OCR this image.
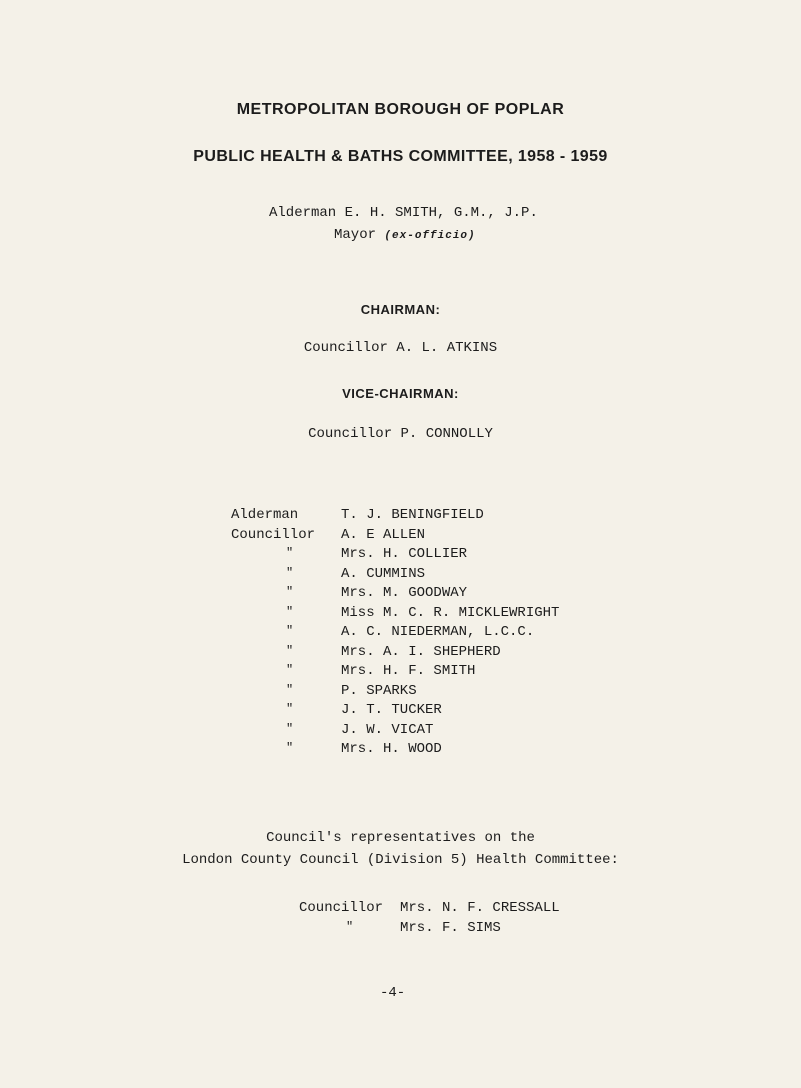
METROPOLITAN BOROUGH OF POPLAR
PUBLIC HEALTH & BATHS COMMITTEE, 1958 - 1959
Alderman E. H. SMITH, G.M., J.P.
Mayor (ex-officio)
CHAIRMAN:
Councillor A. L. ATKINS
VICE-CHAIRMAN:
Councillor P. CONNOLLY
Alderman	T. J. BENINGFIELD
Councillor A. E ALLEN
"	Mrs. H. COLLIER
"	A. CUMMINS
"	Mrs. M. GOODWAY
"	Miss M. C. R. MICKLEWRIGHT
"	A. C. NIEDERMAN, L.C.C.
"	Mrs. A. I. SHEPHERD
"	Mrs. H. F. SMITH
"	P. SPARKS
"	J. T. TUCKER
"	J. W. VICAT
"	Mrs. H. WOOD
Council's representatives on the
London County Council (Division 5) Health Committee:
Councillor Mrs. N. F. CRESSALL
"	Mrs. F. SIMS
-4-
